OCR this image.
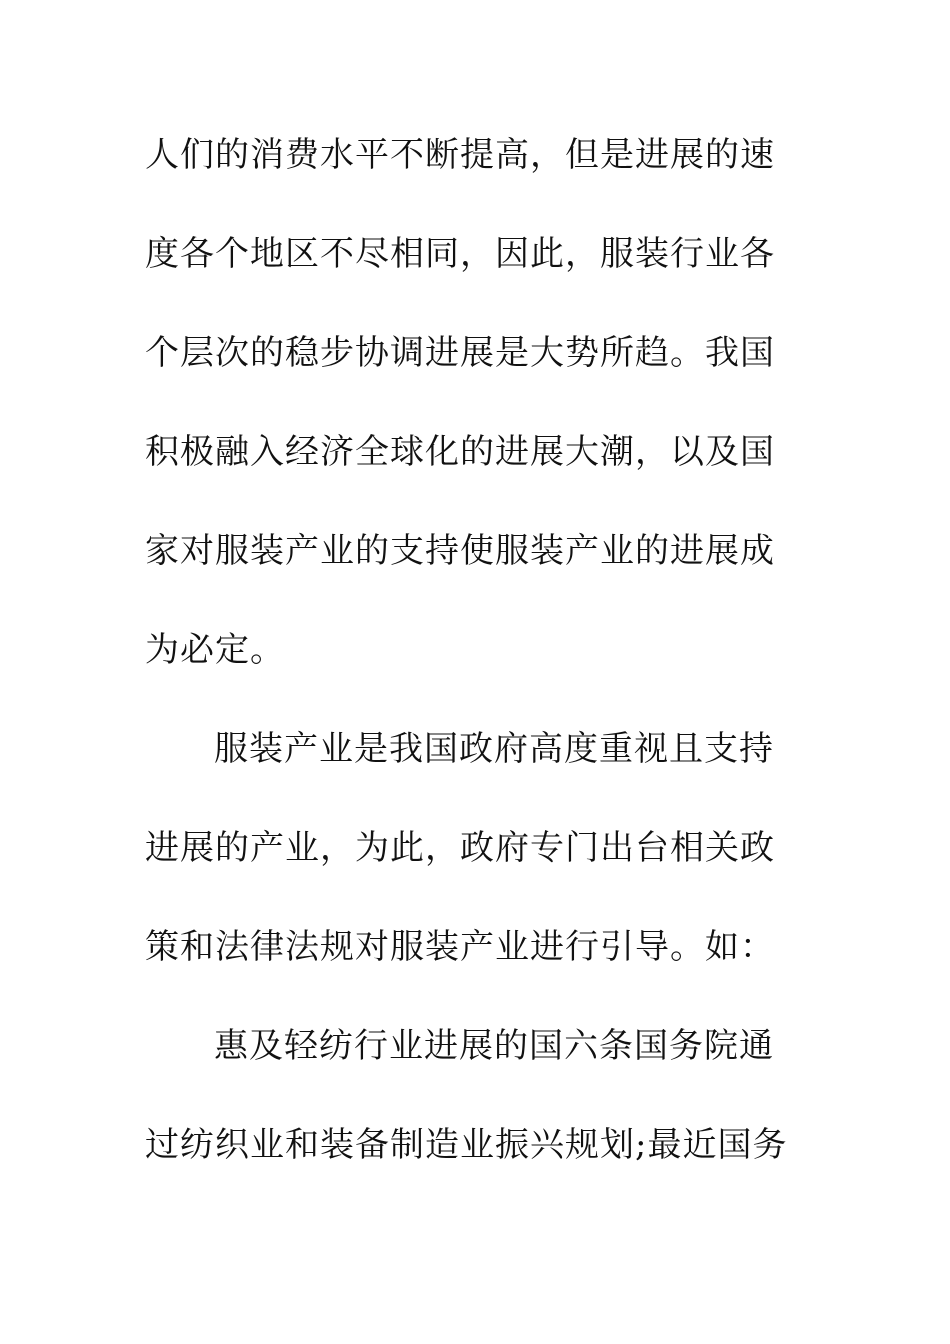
人们的消费水平不断提高，但是进展的速
度各个地区不尽相同，因此，服装行业各
个层次的稳步协调进展是大势所趋。我国
积极融入经济全球化的进展大潮，以及国
家对服装产业的支持使服装产业的进展成
为必定。
服装产业是我国政府高度重视且支持
进展的产业，为此，政府专门出台相关政
策和法律法规对服装产业进行引导。如：
惠及轻纺行业进展的国六条国务院通
过纺织业和装备制造业振兴规划;最近国务
